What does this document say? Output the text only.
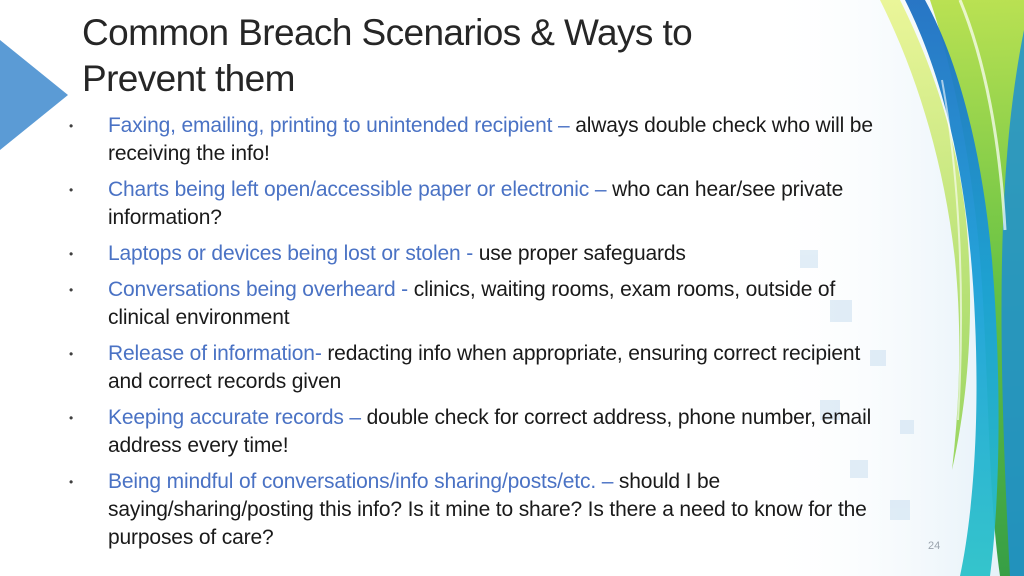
Common Breach Scenarios & Ways to
Prevent them
• Faxing, emailing, printing to unintended recipient – always double check who will be receiving the info!
• Charts being left open/accessible paper or electronic – who can hear/see private information?
• Laptops or devices being lost or stolen - use proper safeguards
• Conversations being overheard - clinics, waiting rooms, exam rooms, outside of clinical environment
• Release of information- redacting info when appropriate, ensuring correct recipient and correct records given
• Keeping accurate records – double check for correct address, phone number, email address every time!
• Being mindful of conversations/info sharing/posts/etc. – should I be saying/sharing/posting this info? Is it mine to share? Is there a need to know for the purposes of care?	24
